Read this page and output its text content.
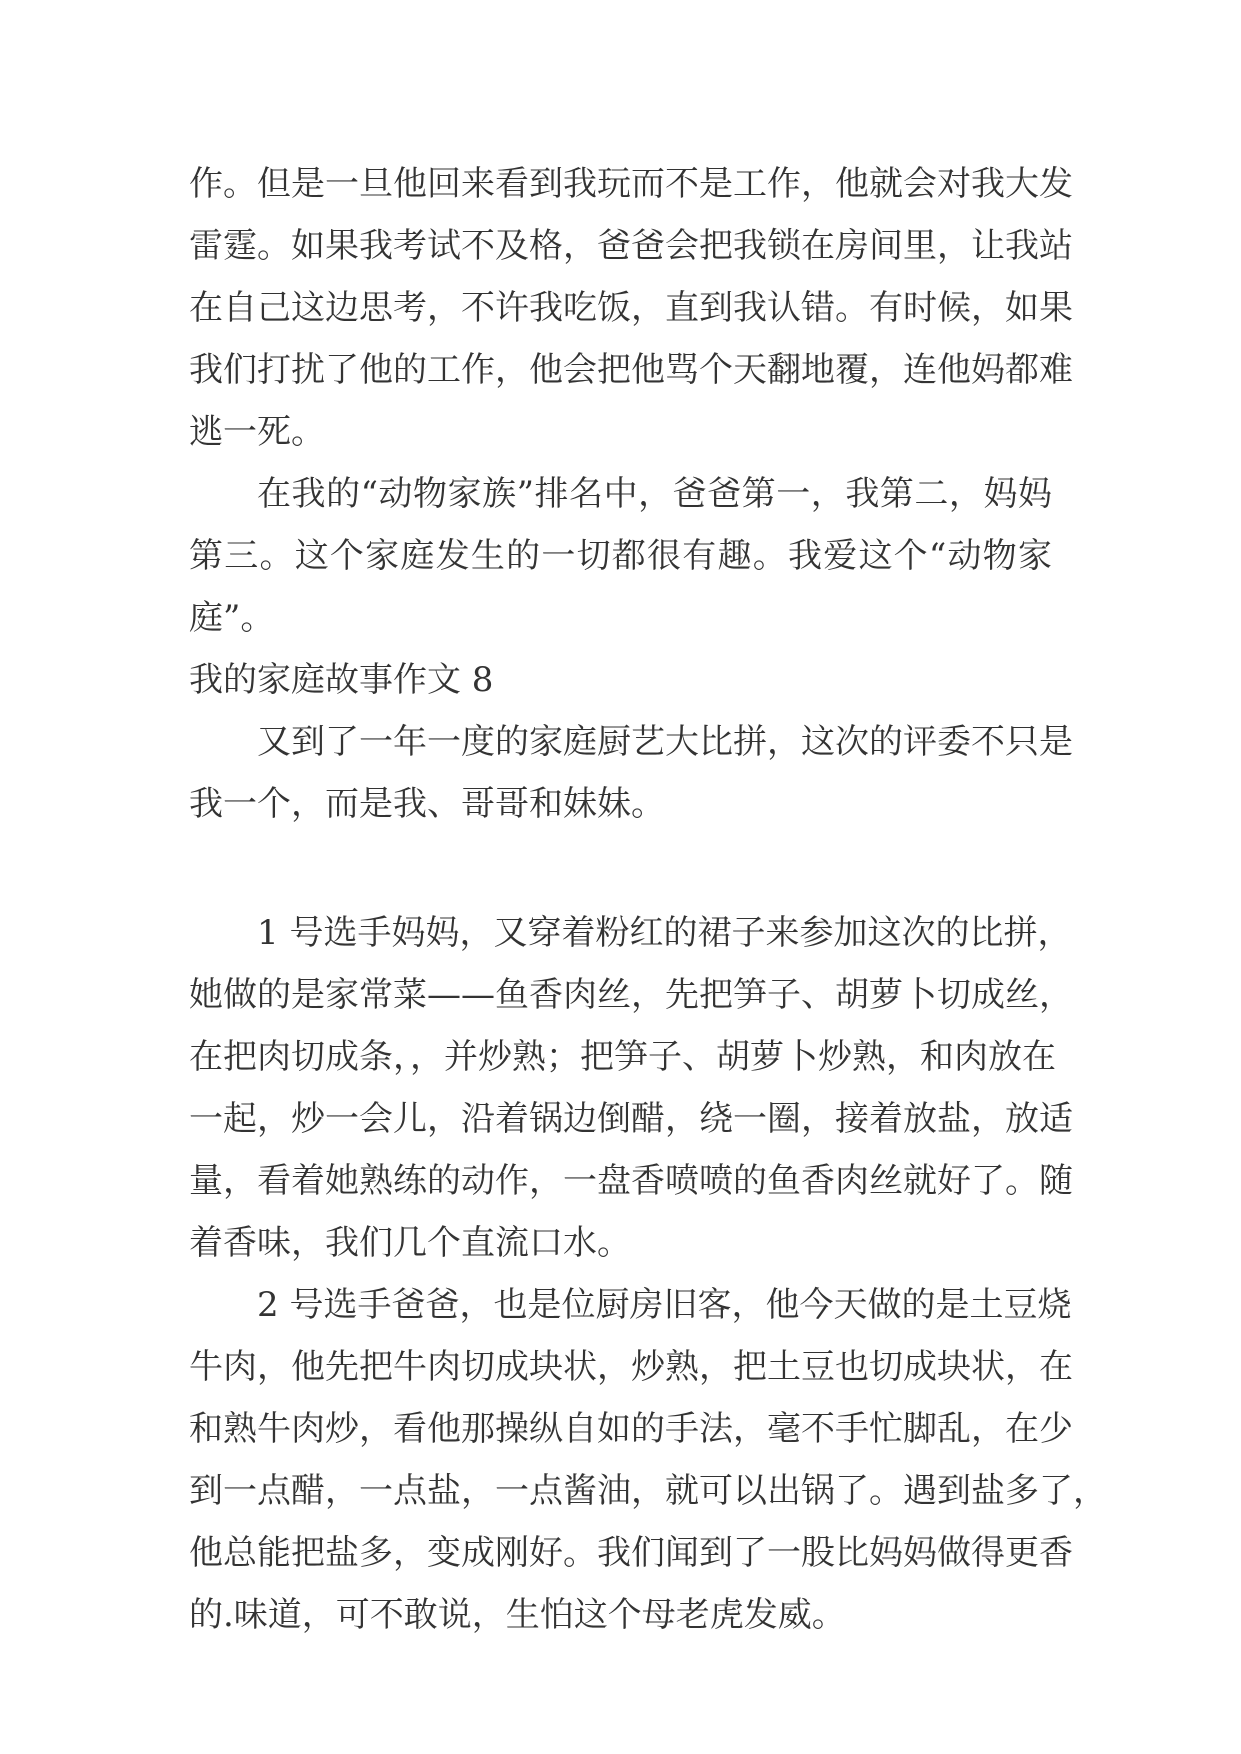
作。但是一旦他回来看到我玩而不是工作，他就会对我大发
雷霆。如果我考试不及格，爸爸会把我锁在房间里，让我站
在自己这边思考，不许我吃饭，直到我认错。有时候，如果
我们打扰了他的工作，他会把他骂个天翻地覆，连他妈都难
逃一死。
在我的“动物家族”排名中，爸爸第一，我第二，妈妈
第三。这个家庭发生的一切都很有趣。我爱这个“动物家
庭”。
我的家庭故事作文 8
又到了一年一度的家庭厨艺大比拼，这次的评委不只是
我一个，而是我、哥哥和妹妹。
1 号选手妈妈，又穿着粉红的裙子来参加这次的比拼，
她做的是家常菜——鱼香肉丝，先把笋子、胡萝卜切成丝，
在把肉切成条，，并炒熟；把笋子、胡萝卜炒熟，和肉放在
一起，炒一会儿，沿着锅边倒醋，绕一圈，接着放盐，放适
量，看着她熟练的动作，一盘香喷喷的鱼香肉丝就好了。随
着香味，我们几个直流口水。
2 号选手爸爸，也是位厨房旧客，他今天做的是土豆烧
牛肉，他先把牛肉切成块状，炒熟，把土豆也切成块状，在
和熟牛肉炒，看他那操纵自如的手法，毫不手忙脚乱，在少
到一点醋，一点盐，一点酱油，就可以出锅了。遇到盐多了，
他总能把盐多，变成刚好。我们闻到了一股比妈妈做得更香
的.味道，可不敢说，生怕这个母老虎发威。
